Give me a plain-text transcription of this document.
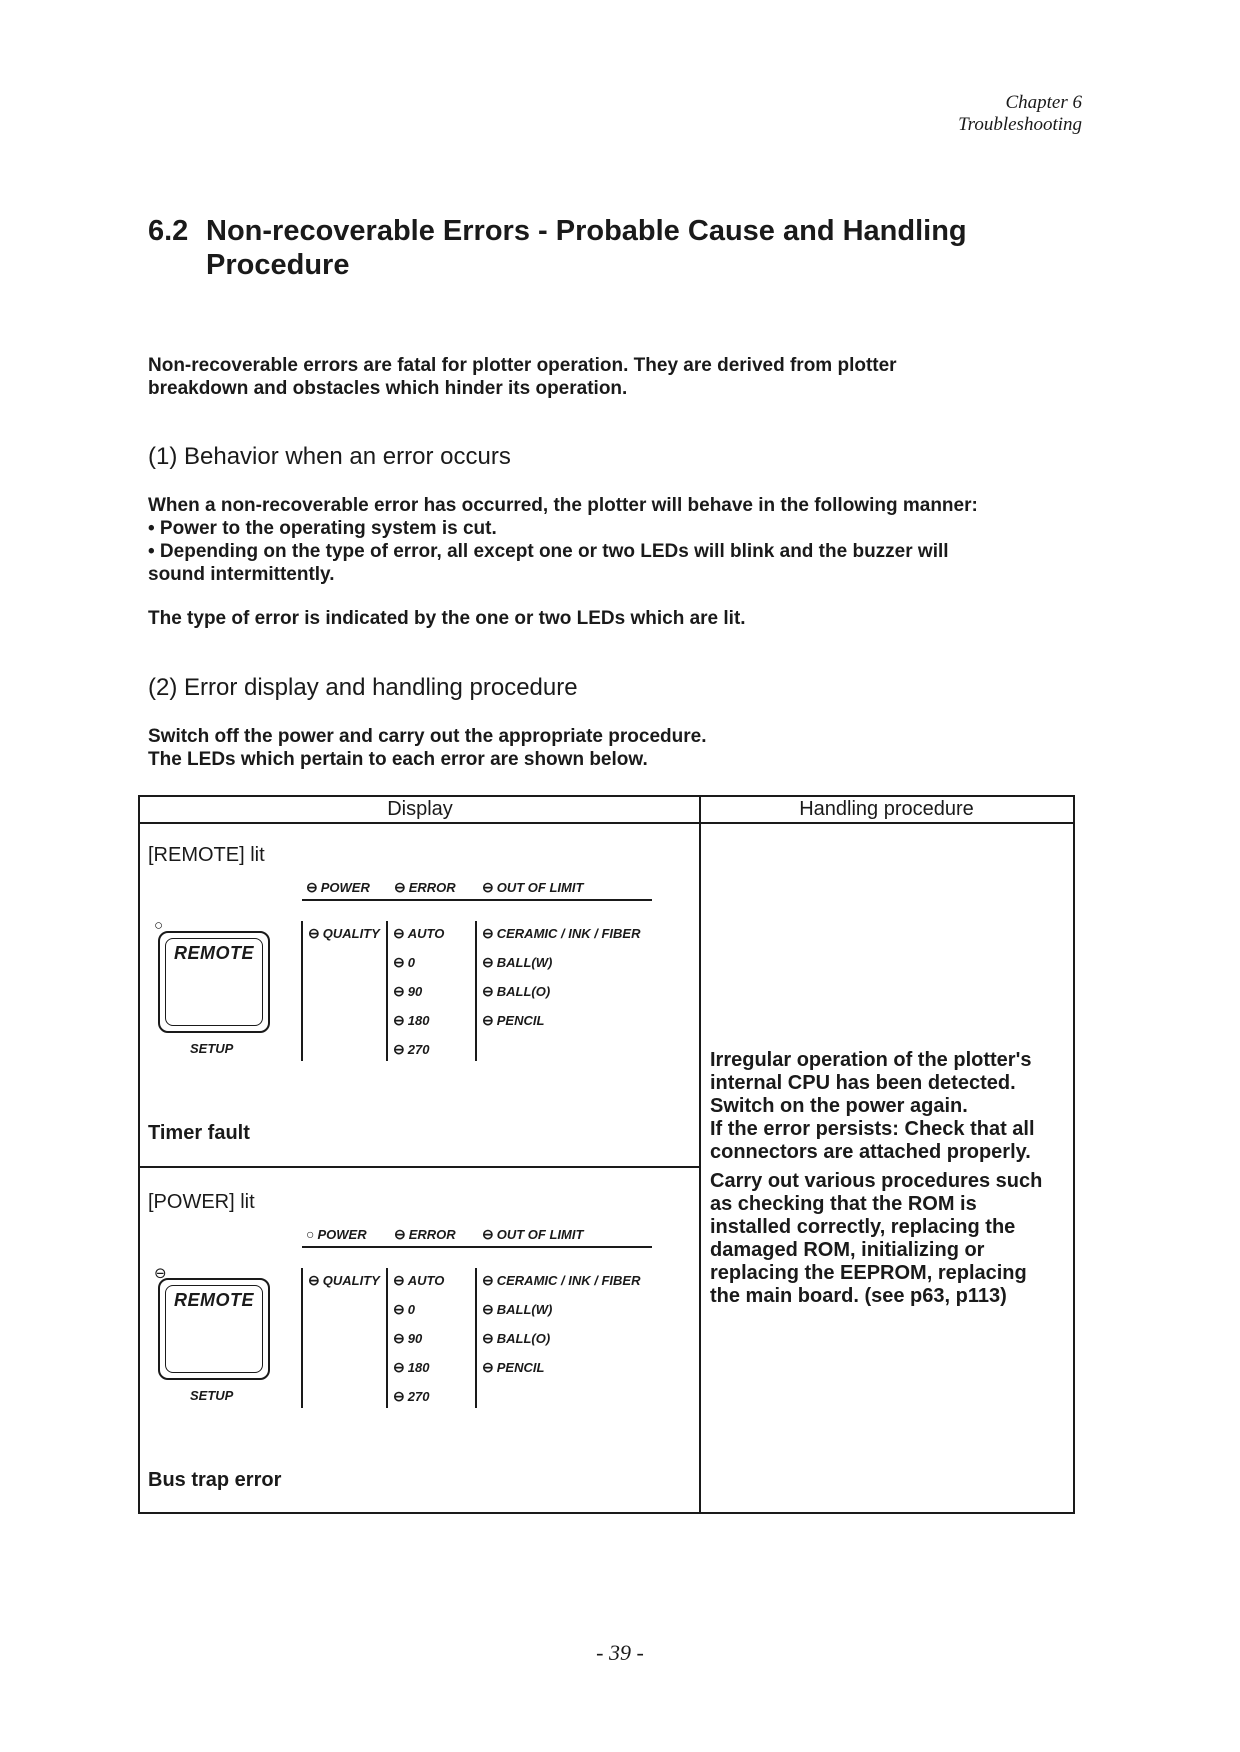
Chapter 6
Troubleshooting
6.2 Non-recoverable Errors - Probable Cause and Handling
Procedure
Non-recoverable errors are fatal for plotter operation. They are derived from plotter
breakdown and obstacles which hinder its operation.
(1) Behavior when an error occurs
When a non-recoverable error has occurred, the plotter will behave in the following manner:
• Power to the operating system is cut.
• Depending on the type of error, all except one or two LEDs will blink and the buzzer will
sound intermittently.
The type of error is indicated by the one or two LEDs which are lit.
(2) Error display and handling procedure
Switch off the power and carry out the appropriate procedure.
The LEDs which pertain to each error are shown below.
Display	Handling procedure
[REMOTE] lit
○
REMOTE
SETUP
⊖ POWER ⊖ ERROR ⊖ OUT OF LIMIT
⊖ QUALITY ⊖ AUTO
⊖ 0
⊖ 90
⊖ 180
⊖ 270
⊖ CERAMIC / INK / FIBER
⊖ BALL(W)
⊖ BALL(O)
⊖ PENCIL
Timer fault
[POWER] lit
⊖
REMOTE
SETUP
○ POWER ⊖ ERROR ⊖ OUT OF LIMIT
⊖ QUALITY ⊖ AUTO
⊖ 0
⊖ 90
⊖ 180
⊖ 270
⊖ CERAMIC / INK / FIBER
⊖ BALL(W)
⊖ BALL(O)
⊖ PENCIL
Bus trap error
Irregular operation of the plotter's
internal CPU has been detected.
Switch on the power again.
If the error persists: Check that all
connectors are attached properly.
Carry out various procedures such
as checking that the ROM is
installed correctly, replacing the
damaged ROM, initializing or
replacing the EEPROM, replacing
the main board. (see p63, p113)
- 39 -
